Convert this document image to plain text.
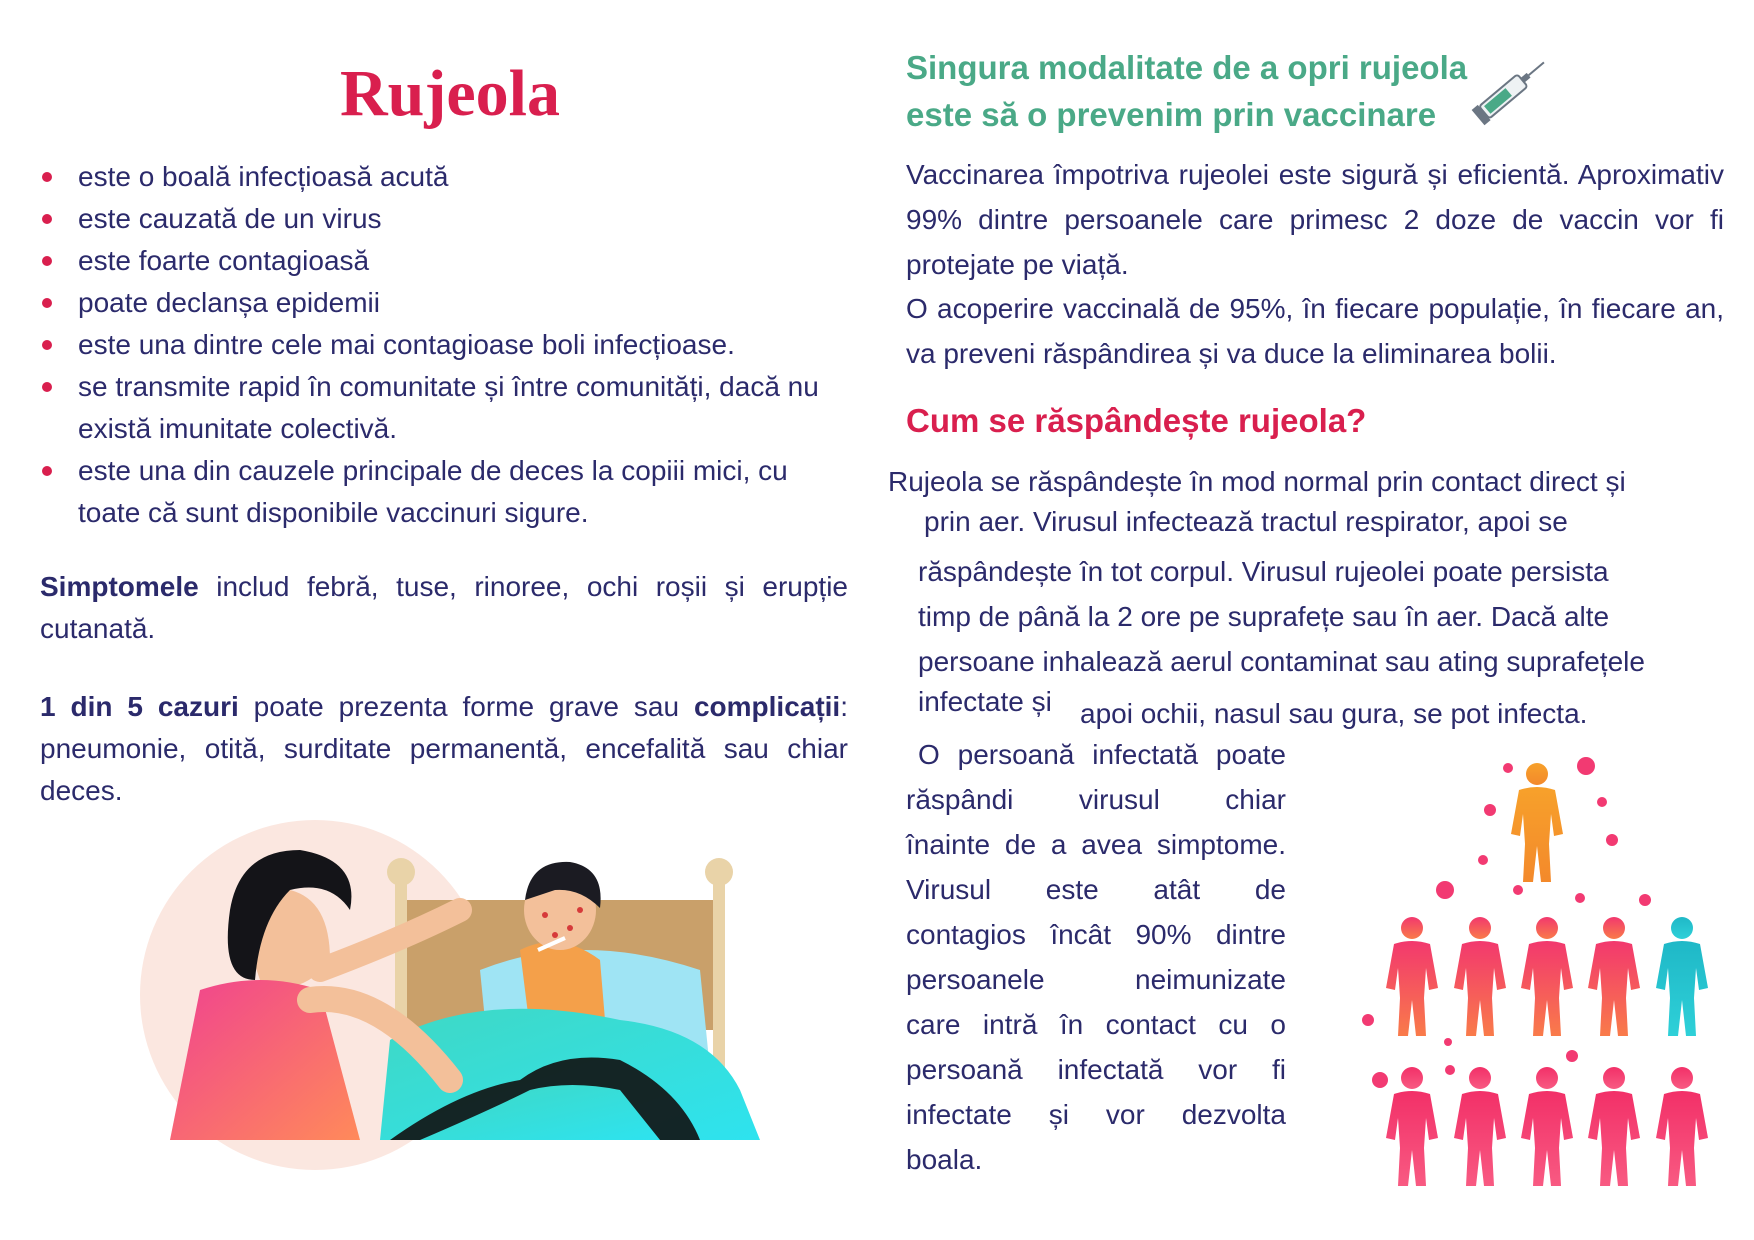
Rujeola
este o boală infecțioasă acută
este cauzată de un virus
este foarte contagioasă
poate declanșa epidemii
este una dintre cele mai contagioase boli infecțioase.
se transmite rapid în comunitate și între comunități, dacă nu există imunitate colectivă.
este una din cauzele principale de deces la copiii mici, cu toate că sunt disponibile vaccinuri sigure.

Simptomele includ febră, tuse, rinoree, ochi roșii și erupție cutanată.

1 din 5 cazuri poate prezenta forme grave sau complicații: pneumonie, otită, surditate permanentă, encefalită sau chiar deces.

Singura modalitate de a opri rujeola
este să o prevenim prin vaccinare

Vaccinarea împotriva rujeolei este sigură și eficientă. Aproximativ 99% dintre persoanele care primesc 2 doze de vaccin vor fi protejate pe viață.

O acoperire vaccinală de 95%, în fiecare populație, în fiecare an, va preveni răspândirea și va duce la eliminarea bolii.

Cum se răspândește rujeola?

Rujeola se răspândește în mod normal prin contact direct și

prin aer. Virusul infectează tractul respirator, apoi se

răspândește în tot corpul. Virusul rujeolei poate persista

timp de până la 2 ore pe suprafețe sau în aer. Dacă alte

persoane inhalează aerul contaminat sau ating suprafețele

infectate și apoi ochii, nasul sau gura, se pot infecta.

O persoană infectată poate
răspândi virusul chiar
înainte de a avea simptome.
Virusul este atât de
contagios încât 90% dintre
persoanele neimunizate
care intră în contact cu o
persoană infectată vor fi
infectate și vor dezvolta
boala.
